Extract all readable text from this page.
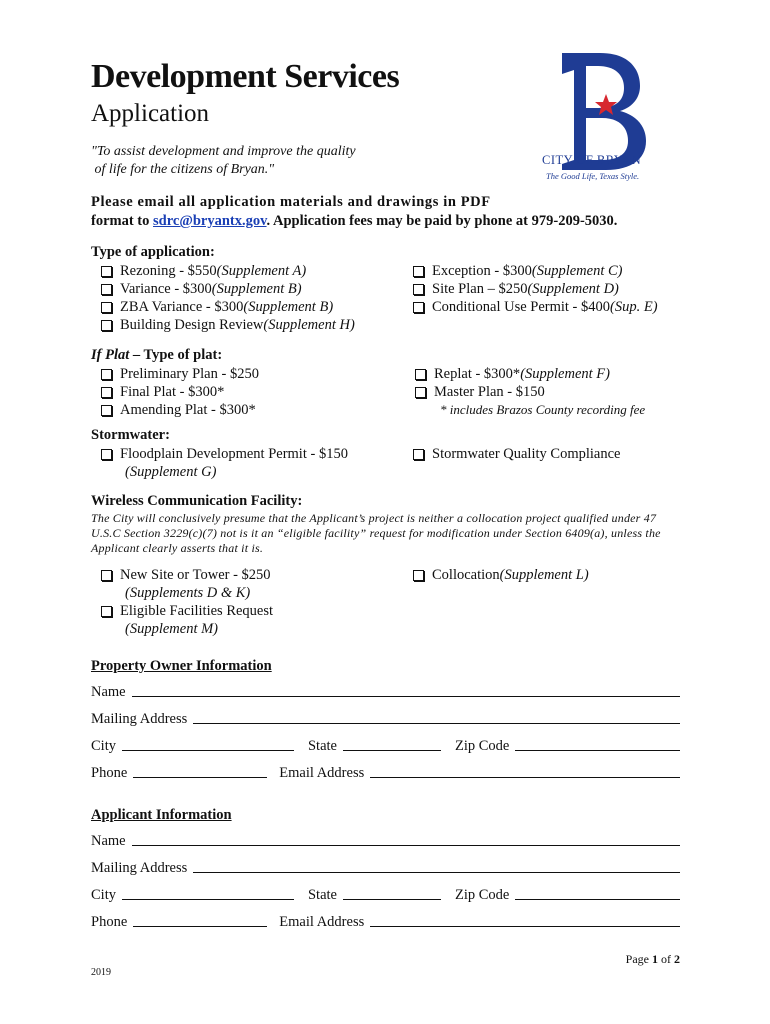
Development Services
Application
"To assist development and improve the quality
of life for the citizens of Bryan."
CITY OF BRYAN
The Good Life, Texas Style.
Please email all application materials and drawings in PDF
format to sdrc@bryantx.gov. Application fees may be paid by phone at 979-209-5030.
Type of application:
Rezoning - $550 (Supplement A)
Variance - $300 (Supplement B)
ZBA Variance - $300 (Supplement B)
Building Design Review (Supplement H)
Exception - $300 (Supplement C)
Site Plan – $250 (Supplement D)
Conditional Use Permit - $400 (Sup. E)
If Plat – Type of plat:
Preliminary Plan - $250
Final Plat - $300*
Amending Plat - $300*
Replat - $300* (Supplement F)
Master Plan - $150
* includes Brazos County recording fee
Stormwater:
Floodplain Development Permit - $150
(Supplement G)
Stormwater Quality Compliance
Wireless Communication Facility:
The City will conclusively presume that the Applicant’s project is neither a collocation project qualified under 47 U.S.C Section 3229(c)(7) not is it an “eligible facility” request for modification under Section 6409(a), unless the Applicant clearly asserts that it is.
New Site or Tower - $250
(Supplements D & K)
Eligible Facilities Request
(Supplement M)
Collocation (Supplement L)
Property Owner Information
Name
Mailing Address
City	State	Zip Code
Phone	Email Address
Applicant Information
Name
Mailing Address
City	State	Zip Code
Phone	Email Address
Page 1 of 2
2019
